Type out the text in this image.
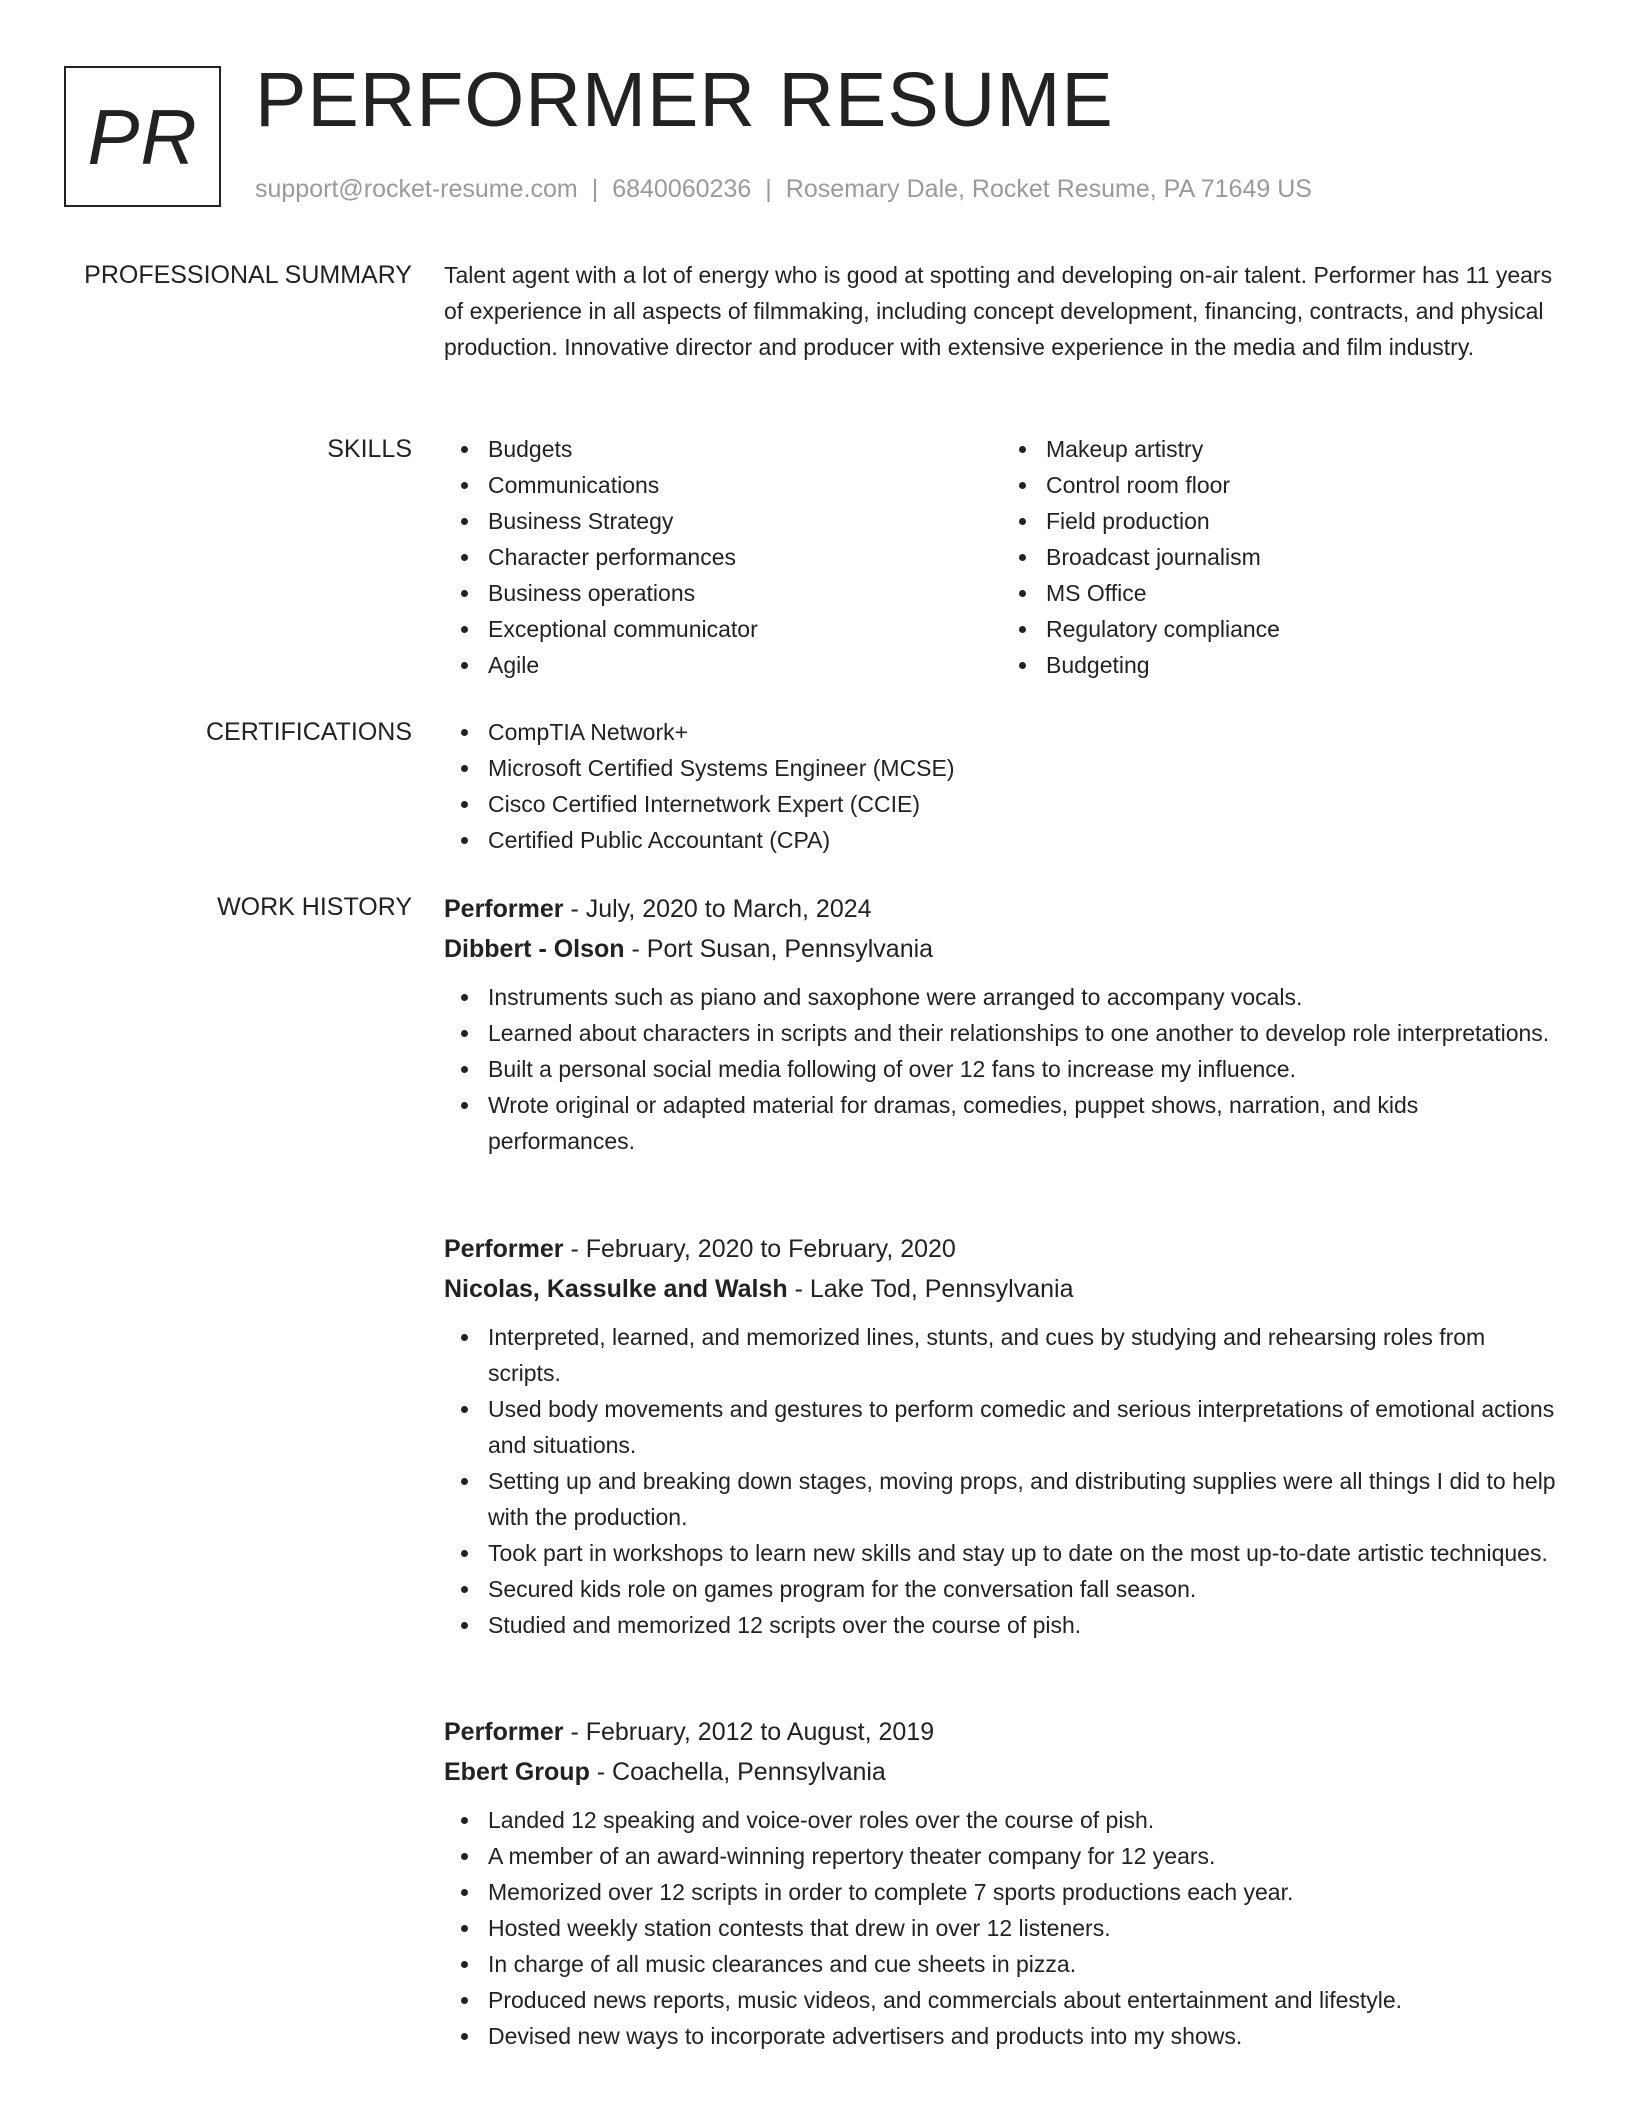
PR PERFORMER RESUME
support@rocket-resume.com | 6840060236 | Rosemary Dale, Rocket Resume, PA 71649 US
PROFESSIONAL SUMMARY Talent agent with a lot of energy who is good at spotting and developing on-air talent. Performer has 11 years of experience in all aspects of filmmaking, including concept development, financing, contracts, and physical production. Innovative director and producer with extensive experience in the media and film industry.
SKILLS	Budgets
Communications
Business Strategy
Character performances
Business operations
Exceptional communicator
Agile
Makeup artistry
Control room floor
Field production
Broadcast journalism
MS Office
Regulatory compliance
Budgeting
CERTIFICATIONS	CompTIA Network+
Microsoft Certified Systems Engineer (MCSE)
Cisco Certified Internetwork Expert (CCIE)
Certified Public Accountant (CPA)
WORK HISTORY Performer - July, 2020 to March, 2024
Dibbert - Olson - Port Susan, Pennsylvania
Instruments such as piano and saxophone were arranged to accompany vocals.
Learned about characters in scripts and their relationships to one another to develop role interpretations.
Built a personal social media following of over 12 fans to increase my influence.
Wrote original or adapted material for dramas, comedies, puppet shows, narration, and kids performances.
Performer - February, 2020 to February, 2020
Nicolas, Kassulke and Walsh - Lake Tod, Pennsylvania
Interpreted, learned, and memorized lines, stunts, and cues by studying and rehearsing roles from scripts.
Used body movements and gestures to perform comedic and serious interpretations of emotional actions and situations.
Setting up and breaking down stages, moving props, and distributing supplies were all things I did to help with the production.
Took part in workshops to learn new skills and stay up to date on the most up-to-date artistic techniques.
Secured kids role on games program for the conversation fall season.
Studied and memorized 12 scripts over the course of pish.
Performer - February, 2012 to August, 2019
Ebert Group - Coachella, Pennsylvania
Landed 12 speaking and voice-over roles over the course of pish.
A member of an award-winning repertory theater company for 12 years.
Memorized over 12 scripts in order to complete 7 sports productions each year.
Hosted weekly station contests that drew in over 12 listeners.
In charge of all music clearances and cue sheets in pizza.
Produced news reports, music videos, and commercials about entertainment and lifestyle.
Devised new ways to incorporate advertisers and products into my shows.
